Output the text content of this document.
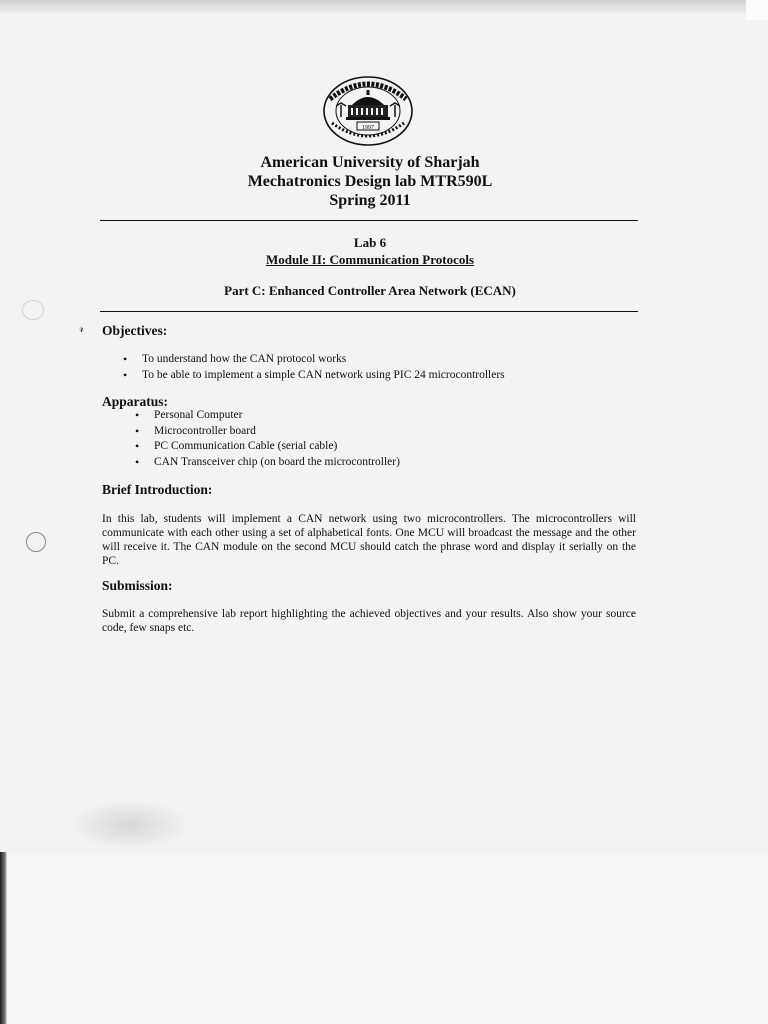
𝓇
1997
American University of Sharjah
Mechatronics Design lab MTR590L
Spring 2011
Lab 6
Module II: Communication Protocols
Part C: Enhanced Controller Area Network (ECAN)
Objectives:
• To understand how the CAN protocol works
• To be able to implement a simple CAN network using PIC 24 microcontrollers
Apparatus:
• Personal Computer
• Microcontroller board
• PC Communication Cable (serial cable)
• CAN Transceiver chip (on board the microcontroller)
Brief Introduction:
In this lab, students will implement a CAN network using two microcontrollers. The microcontrollers will communicate with each other using a set of alphabetical fonts. One MCU will broadcast the message and the other will receive it. The CAN module on the second MCU should catch the phrase word and display it serially on the PC.
Submission:
Submit a comprehensive lab report highlighting the achieved objectives and your results. Also show your source code, few snaps etc.
